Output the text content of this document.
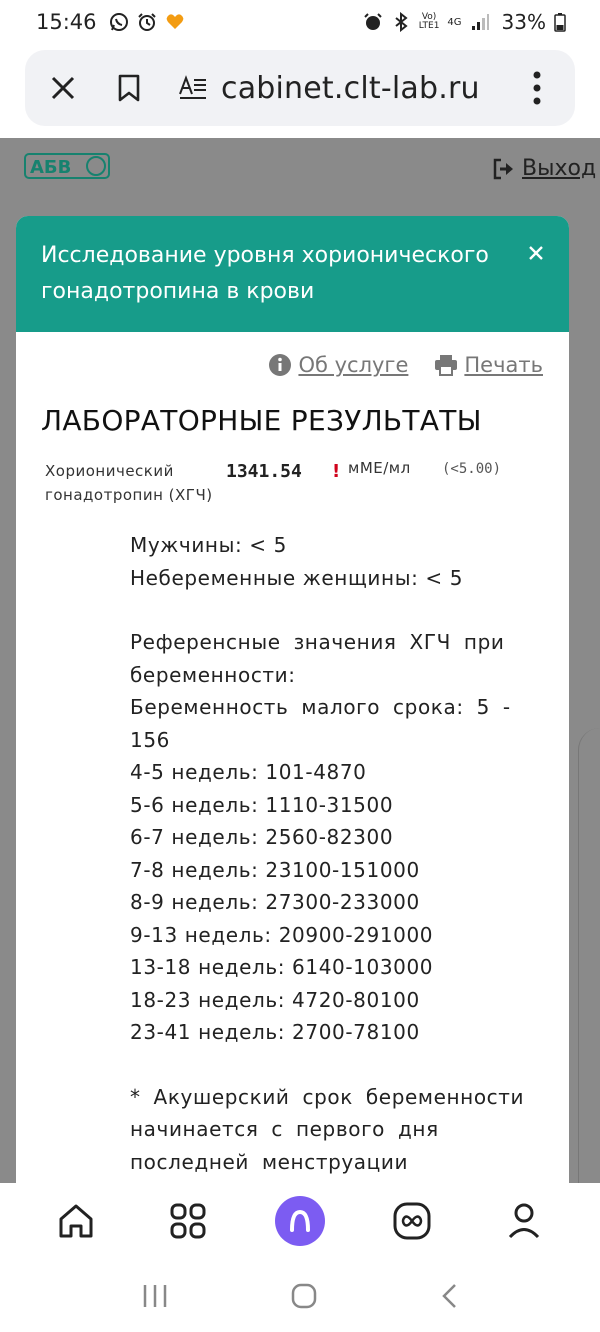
15:46	Vo)
LTE1 4G 33%
cabinet.clt-lab.ru
АБВ	Выход
Исследование уровня хорионического гонадотропина в крови
Об услуге	Печать
ЛАБОРАТОРНЫЕ РЕЗУЛЬТАТЫ
Хорионический гонадотропин (ХГЧ)
1341.54 ! мМЕ/мл (<5.00)
Мужчины: < 5
Небеременные женщины: < 5
Референсные значения ХГЧ при беременности:
Беременность малого срока: 5 - 156
4-5 недель: 101-4870
5-6 недель: 1110-31500
6-7 недель: 2560-82300
7-8 недель: 23100-151000
8-9 недель: 27300-233000
9-13 недель: 20900-291000
13-18 недель: 6140-103000
18-23 недель: 4720-80100
23-41 недель: 2700-78100
* Акушерский срок беременности начинается с первого дня последней менструации
